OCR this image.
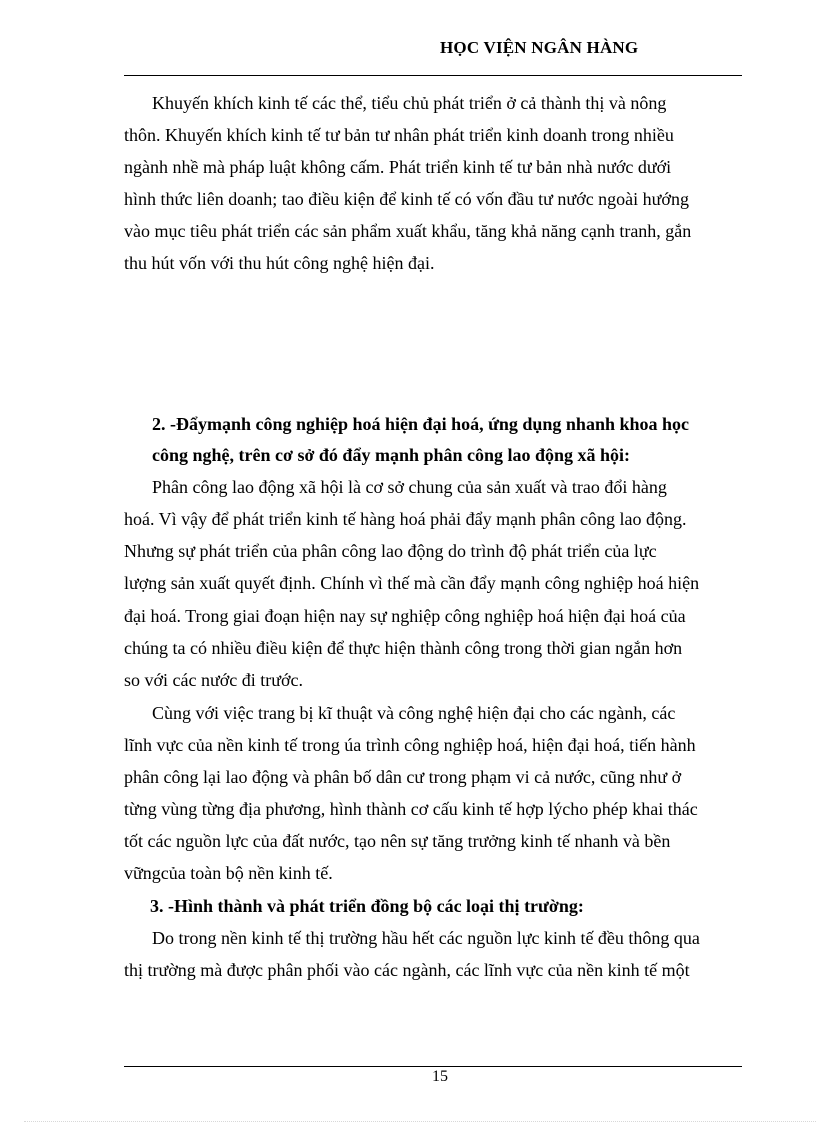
HỌC VIỆN NGÂN HÀNG
Khuyến khích kinh tế các thể, tiểu chủ phát triển ở cả thành thị và nông
thôn. Khuyến khích kinh tế tư bản tư nhân phát triển kinh doanh trong nhiều
ngành nhề mà pháp luật không cấm. Phát triển kinh tế tư bản nhà nước dưới
hình thức liên doanh; tao điều kiện để kinh tế có vốn đầu tư nước ngoài hướng
vào mục tiêu phát triển các sản phẩm xuất khẩu, tăng khả năng cạnh tranh, gắn
thu hút vốn với thu hút công nghệ hiện đại.
2. -Đẩymạnh công nghiệp hoá hiện đại hoá, ứng dụng nhanh khoa học
công nghệ, trên cơ sở đó đẩy mạnh phân công lao động xã hội:
Phân công lao động xã hội là cơ sở chung của sản xuất và trao đổi hàng
hoá. Vì vậy để phát triển kinh tế hàng hoá phải đẩy mạnh phân công lao động.
Nhưng sự phát triển của phân công lao động do trình độ phát triển của lực
lượng sản xuất quyết định. Chính vì thế mà cần đẩy mạnh công nghiệp hoá hiện
đại hoá. Trong giai đoạn hiện nay sự nghiệp công nghiệp hoá hiện đại hoá của
chúng ta có nhiều điều kiện để thực hiện thành công trong thời gian ngắn hơn
so với các nước đi trước.
Cùng với việc trang bị kĩ thuật và công nghệ hiện đại cho các ngành, các
lĩnh vực của nền kinh tế trong úa trình công nghiệp hoá, hiện đại hoá, tiến hành
phân công lại lao động và phân bố dân cư trong phạm vi cả nước, cũng như ở
từng vùng từng địa phương, hình thành cơ cấu kinh tế hợp lýcho phép khai thác
tốt các nguồn lực của đất nước, tạo nên sự tăng trưởng kinh tế nhanh và bền
vữngcủa toàn bộ nền kinh tế.
3. -Hình thành và phát triển đồng bộ các loại thị trường:
Do trong nền kinh tế thị trường hầu hết các nguồn lực kinh tế đều thông qua
thị trường mà được phân phối vào các ngành, các lĩnh vực của nền kinh tế một
15
